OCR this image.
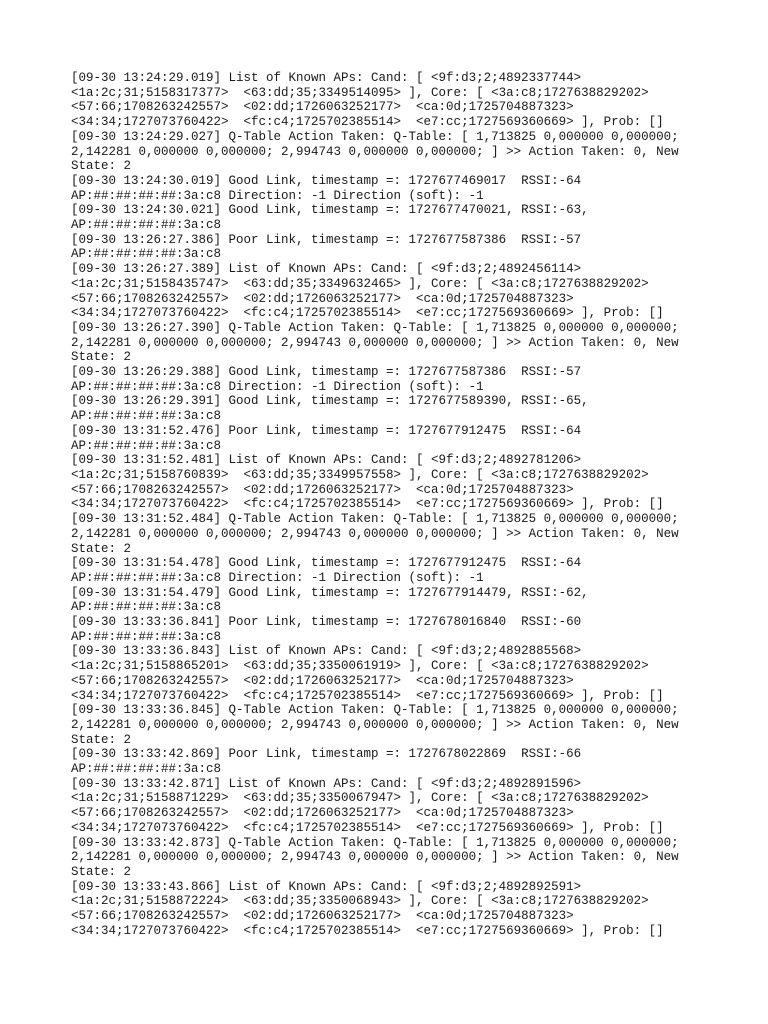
[09-30 13:24:29.019] List of Known APs: Cand: [ <9f:d3;2;4892337744>

<1a:2c;31;5158317377>  <63:dd;35;3349514095> ], Core: [ <3a:c8;1727638829202>

<57:66;1708263242557>  <02:dd;1726063252177>  <ca:0d;1725704887323>

<34:34;1727073760422>  <fc:c4;1725702385514>  <e7:cc;1727569360669> ], Prob: []

[09-30 13:24:29.027] Q-Table Action Taken: Q-Table: [ 1,713825 0,000000 0,000000;

2,142281 0,000000 0,000000; 2,994743 0,000000 0,000000; ] >> Action Taken: 0, New

State: 2

[09-30 13:24:30.019] Good Link, timestamp =: 1727677469017  RSSI:-64

AP:##:##:##:##:3a:c8 Direction: -1 Direction (soft): -1

[09-30 13:24:30.021] Good Link, timestamp =: 1727677470021, RSSI:-63,

AP:##:##:##:##:3a:c8

[09-30 13:26:27.386] Poor Link, timestamp =: 1727677587386  RSSI:-57

AP:##:##:##:##:3a:c8

[09-30 13:26:27.389] List of Known APs: Cand: [ <9f:d3;2;4892456114>

<1a:2c;31;5158435747>  <63:dd;35;3349632465> ], Core: [ <3a:c8;1727638829202>

<57:66;1708263242557>  <02:dd;1726063252177>  <ca:0d;1725704887323>

<34:34;1727073760422>  <fc:c4;1725702385514>  <e7:cc;1727569360669> ], Prob: []

[09-30 13:26:27.390] Q-Table Action Taken: Q-Table: [ 1,713825 0,000000 0,000000;

2,142281 0,000000 0,000000; 2,994743 0,000000 0,000000; ] >> Action Taken: 0, New

State: 2

[09-30 13:26:29.388] Good Link, timestamp =: 1727677587386  RSSI:-57

AP:##:##:##:##:3a:c8 Direction: -1 Direction (soft): -1

[09-30 13:26:29.391] Good Link, timestamp =: 1727677589390, RSSI:-65,

AP:##:##:##:##:3a:c8

[09-30 13:31:52.476] Poor Link, timestamp =: 1727677912475  RSSI:-64

AP:##:##:##:##:3a:c8

[09-30 13:31:52.481] List of Known APs: Cand: [ <9f:d3;2;4892781206>

<1a:2c;31;5158760839>  <63:dd;35;3349957558> ], Core: [ <3a:c8;1727638829202>

<57:66;1708263242557>  <02:dd;1726063252177>  <ca:0d;1725704887323>

<34:34;1727073760422>  <fc:c4;1725702385514>  <e7:cc;1727569360669> ], Prob: []

[09-30 13:31:52.484] Q-Table Action Taken: Q-Table: [ 1,713825 0,000000 0,000000;

2,142281 0,000000 0,000000; 2,994743 0,000000 0,000000; ] >> Action Taken: 0, New

State: 2

[09-30 13:31:54.478] Good Link, timestamp =: 1727677912475  RSSI:-64

AP:##:##:##:##:3a:c8 Direction: -1 Direction (soft): -1

[09-30 13:31:54.479] Good Link, timestamp =: 1727677914479, RSSI:-62,

AP:##:##:##:##:3a:c8

[09-30 13:33:36.841] Poor Link, timestamp =: 1727678016840  RSSI:-60

AP:##:##:##:##:3a:c8

[09-30 13:33:36.843] List of Known APs: Cand: [ <9f:d3;2;4892885568>

<1a:2c;31;5158865201>  <63:dd;35;3350061919> ], Core: [ <3a:c8;1727638829202>

<57:66;1708263242557>  <02:dd;1726063252177>  <ca:0d;1725704887323>

<34:34;1727073760422>  <fc:c4;1725702385514>  <e7:cc;1727569360669> ], Prob: []

[09-30 13:33:36.845] Q-Table Action Taken: Q-Table: [ 1,713825 0,000000 0,000000;

2,142281 0,000000 0,000000; 2,994743 0,000000 0,000000; ] >> Action Taken: 0, New

State: 2

[09-30 13:33:42.869] Poor Link, timestamp =: 1727678022869  RSSI:-66

AP:##:##:##:##:3a:c8

[09-30 13:33:42.871] List of Known APs: Cand: [ <9f:d3;2;4892891596>

<1a:2c;31;5158871229>  <63:dd;35;3350067947> ], Core: [ <3a:c8;1727638829202>

<57:66;1708263242557>  <02:dd;1726063252177>  <ca:0d;1725704887323>

<34:34;1727073760422>  <fc:c4;1725702385514>  <e7:cc;1727569360669> ], Prob: []

[09-30 13:33:42.873] Q-Table Action Taken: Q-Table: [ 1,713825 0,000000 0,000000;

2,142281 0,000000 0,000000; 2,994743 0,000000 0,000000; ] >> Action Taken: 0, New

State: 2

[09-30 13:33:43.866] List of Known APs: Cand: [ <9f:d3;2;4892892591>

<1a:2c;31;5158872224>  <63:dd;35;3350068943> ], Core: [ <3a:c8;1727638829202>

<57:66;1708263242557>  <02:dd;1726063252177>  <ca:0d;1725704887323>

<34:34;1727073760422>  <fc:c4;1725702385514>  <e7:cc;1727569360669> ], Prob: []
